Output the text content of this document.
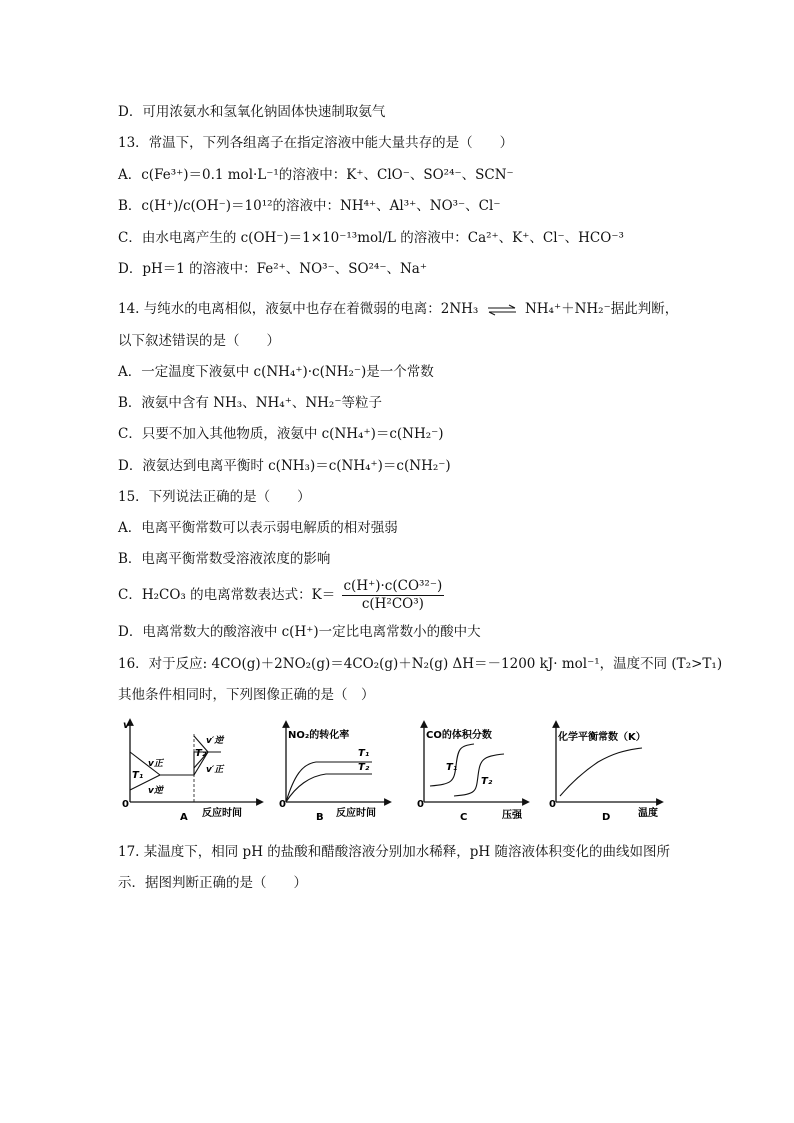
D．可用浓氨水和氢氧化钠固体快速制取氨气
13．常温下，下列各组离子在指定溶液中能大量共存的是（　　）
A．c(Fe³⁺)＝0.1 mol·L⁻¹的溶液中：K⁺、ClO⁻、SO²⁴⁻、SCN⁻
B．c(H⁺)/c(OH⁻)＝10¹²的溶液中：NH⁴⁺、Al³⁺、NO³⁻、Cl⁻
C．由水电离产生的 c(OH⁻)＝1×10⁻¹³mol/L 的溶液中：Ca²⁺、K⁺、Cl⁻、HCO⁻³
D．pH＝1 的溶液中：Fe²⁺、NO³⁻、SO²⁴⁻、Na⁺
14. 与纯水的电离相似，液氨中也存在着微弱的电离：2NH₃ ⇌ NH₄⁺＋NH₂⁻据此判断，
以下叙述错误的是（　　）
A．一定温度下液氨中 c(NH₄⁺)·c(NH₂⁻)是一个常数
B．液氨中含有 NH₃、NH₄⁺、NH₂⁻等粒子
C．只要不加入其他物质，液氨中 c(NH₄⁺)＝c(NH₂⁻)
D．液氨达到电离平衡时 c(NH₃)＝c(NH₄⁺)＝c(NH₂⁻)
15．下列说法正确的是（　　）
A．电离平衡常数可以表示弱电解质的相对强弱
B．电离平衡常数受溶液浓度的影响
C．H₂CO₃ 的电离常数表达式：$K= \frac{\text{c(H⁺)·c(CO³²⁻)}}{\text{c(H²CO³)}}$
D．电离常数大的酸溶液中 c(H⁺)一定比电离常数小的酸中大
16．对于反应: 4CO(g)＋2NO₂(g)＝4CO₂(g)＋N₂(g) ΔH＝－1200 kJ· mol⁻¹，温度不同 (T₂>T₁)
其他条件相同时，下列图像正确的是（　）
v
0
反应时间
A
T₁
T₂
v正
v逆
v′逆
v′正
NO₂的转化率
0
反应时间
B
T₁
T₂
CO的体积分数
0
压强
C
T₁
T₂
化学平衡常数（K）
0
温度
D
17. 某温度下，相同 pH 的盐酸和醋酸溶液分别加水稀释，pH 随溶液体积变化的曲线如图所
示．据图判断正确的是（　　）
